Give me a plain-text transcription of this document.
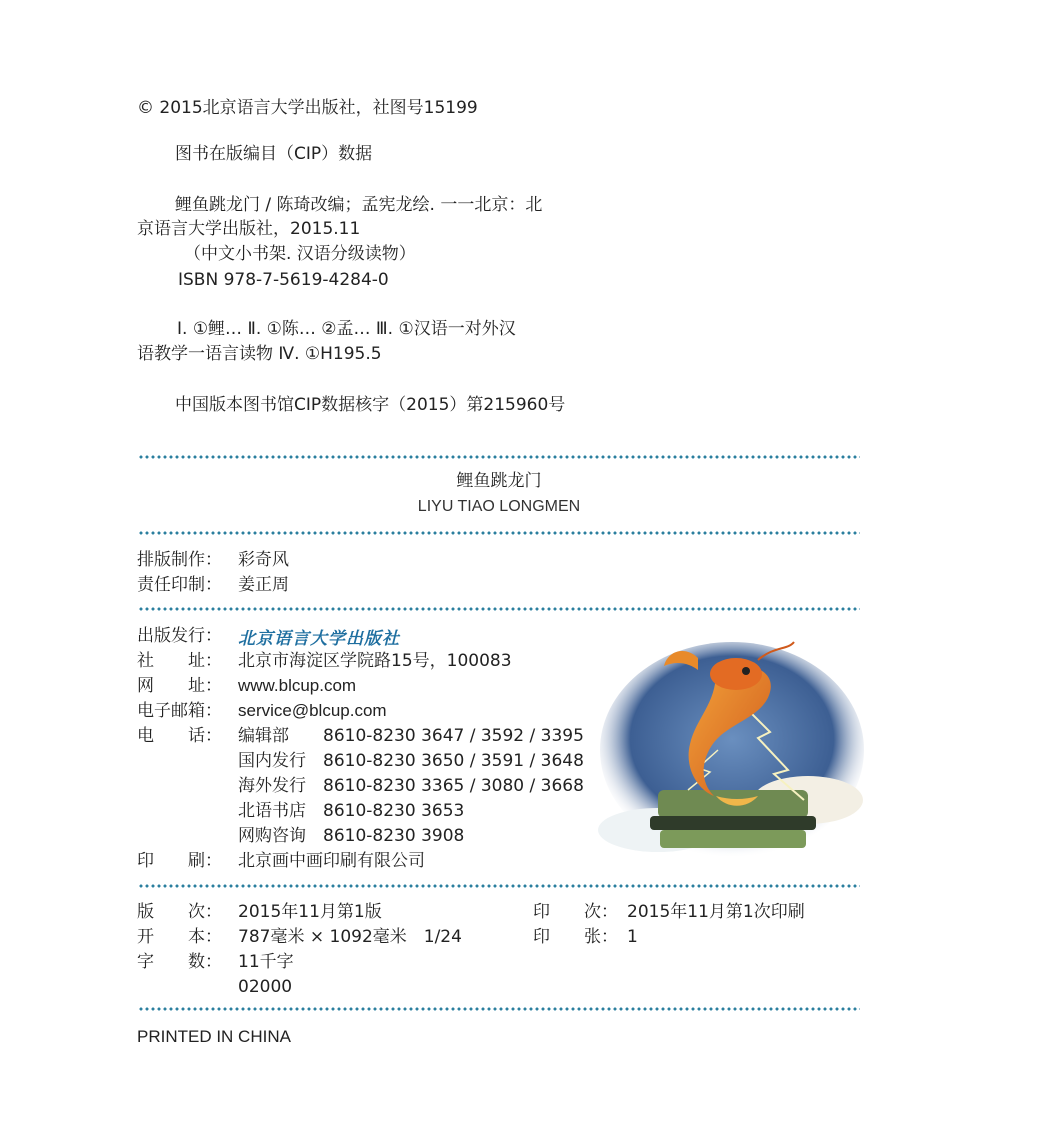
© 2015北京语言大学出版社，社图号15199
图书在版编目（CIP）数据
鲤鱼跳龙门 / 陈琦改编；孟宪龙绘. 一一北京：北
京语言大学出版社，2015.11
（中文小书架. 汉语分级读物）
ISBN 978-7-5619-4284-0
Ⅰ. ①鲤… Ⅱ. ①陈… ②孟… Ⅲ. ①汉语一对外汉
语教学一语言读物 Ⅳ. ①H195.5
中国版本图书馆CIP数据核字（2015）第215960号
鲤鱼跳龙门
LIYU TIAO LONGMEN
排版制作： 彩奇风
责任印制： 姜正周
出版发行： 北京语言大学出版社
社　　址： 北京市海淀区学院路15号，100083
网　　址： www.blcup.com
电子邮箱： service@blcup.com
电　　话： 编辑部 8610-8230 3647 / 3592 / 3395
国内发行 8610-8230 3650 / 3591 / 3648
海外发行 8610-8230 3365 / 3080 / 3668
北语书店 8610-8230 3653
网购咨询 8610-8230 3908
印　　刷： 北京画中画印刷有限公司
版　　次： 2015年11月第1版	印　　次： 2015年11月第1次印刷
开　　本： 787毫米 × 1092毫米　1/24	印　　张： 1
字　　数： 11千字
02000
PRINTED IN CHINA
